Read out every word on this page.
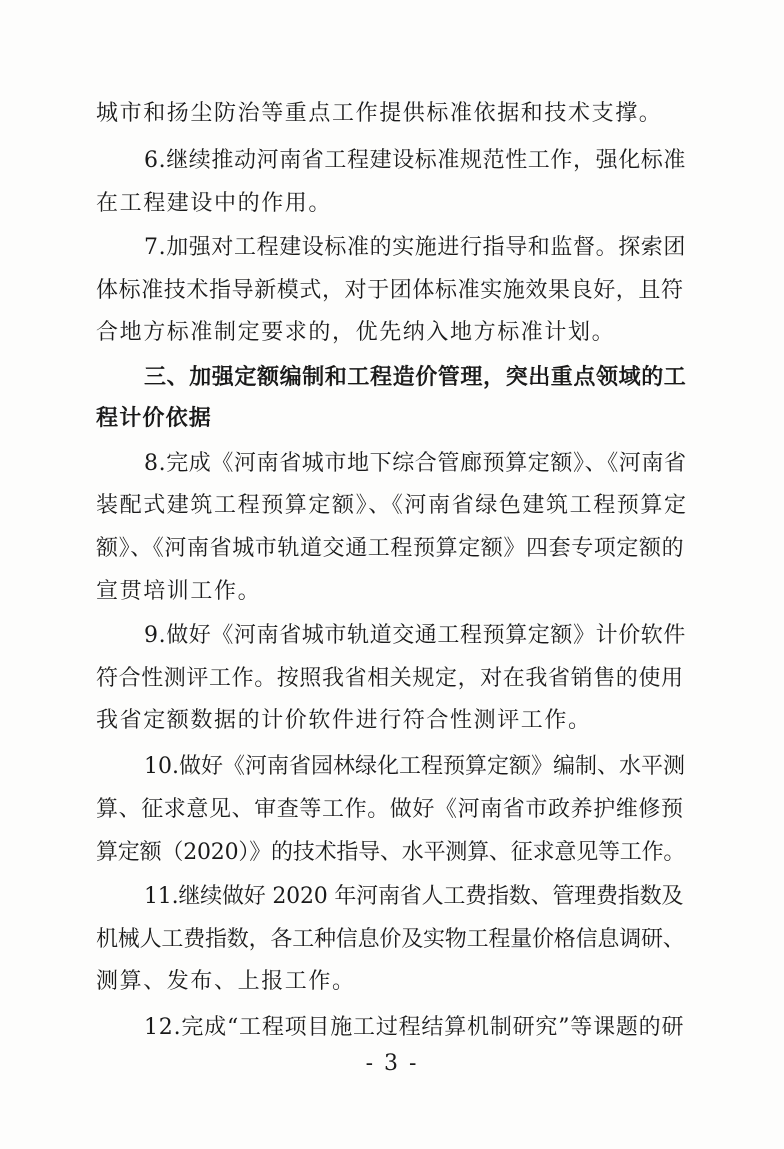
城市和扬尘防治等重点工作提供标准依据和技术支撑。
6.继续推动河南省工程建设标准规范性工作，强化标准
在工程建设中的作用。
7.加强对工程建设标准的实施进行指导和监督。探索团
体标准技术指导新模式，对于团体标准实施效果良好，且符
合地方标准制定要求的，优先纳入地方标准计划。
三、加强定额编制和工程造价管理，突出重点领域的工
程计价依据
8.完成《河南省城市地下综合管廊预算定额》、《河南省
装配式建筑工程预算定额》、《河南省绿色建筑工程预算定
额》、《河南省城市轨道交通工程预算定额》四套专项定额的
宣贯培训工作。
9.做好《河南省城市轨道交通工程预算定额》计价软件
符合性测评工作。按照我省相关规定，对在我省销售的使用
我省定额数据的计价软件进行符合性测评工作。
10.做好《河南省园林绿化工程预算定额》编制、水平测
算、征求意见、审查等工作。做好《河南省市政养护维修预
算定额（2020）》的技术指导、水平测算、征求意见等工作。
11.继续做好 2020 年河南省人工费指数、管理费指数及
机械人工费指数，各工种信息价及实物工程量价格信息调研、
测算、发布、上报工作。
12.完成“工程项目施工过程结算机制研究”等课题的研
- 3 -
